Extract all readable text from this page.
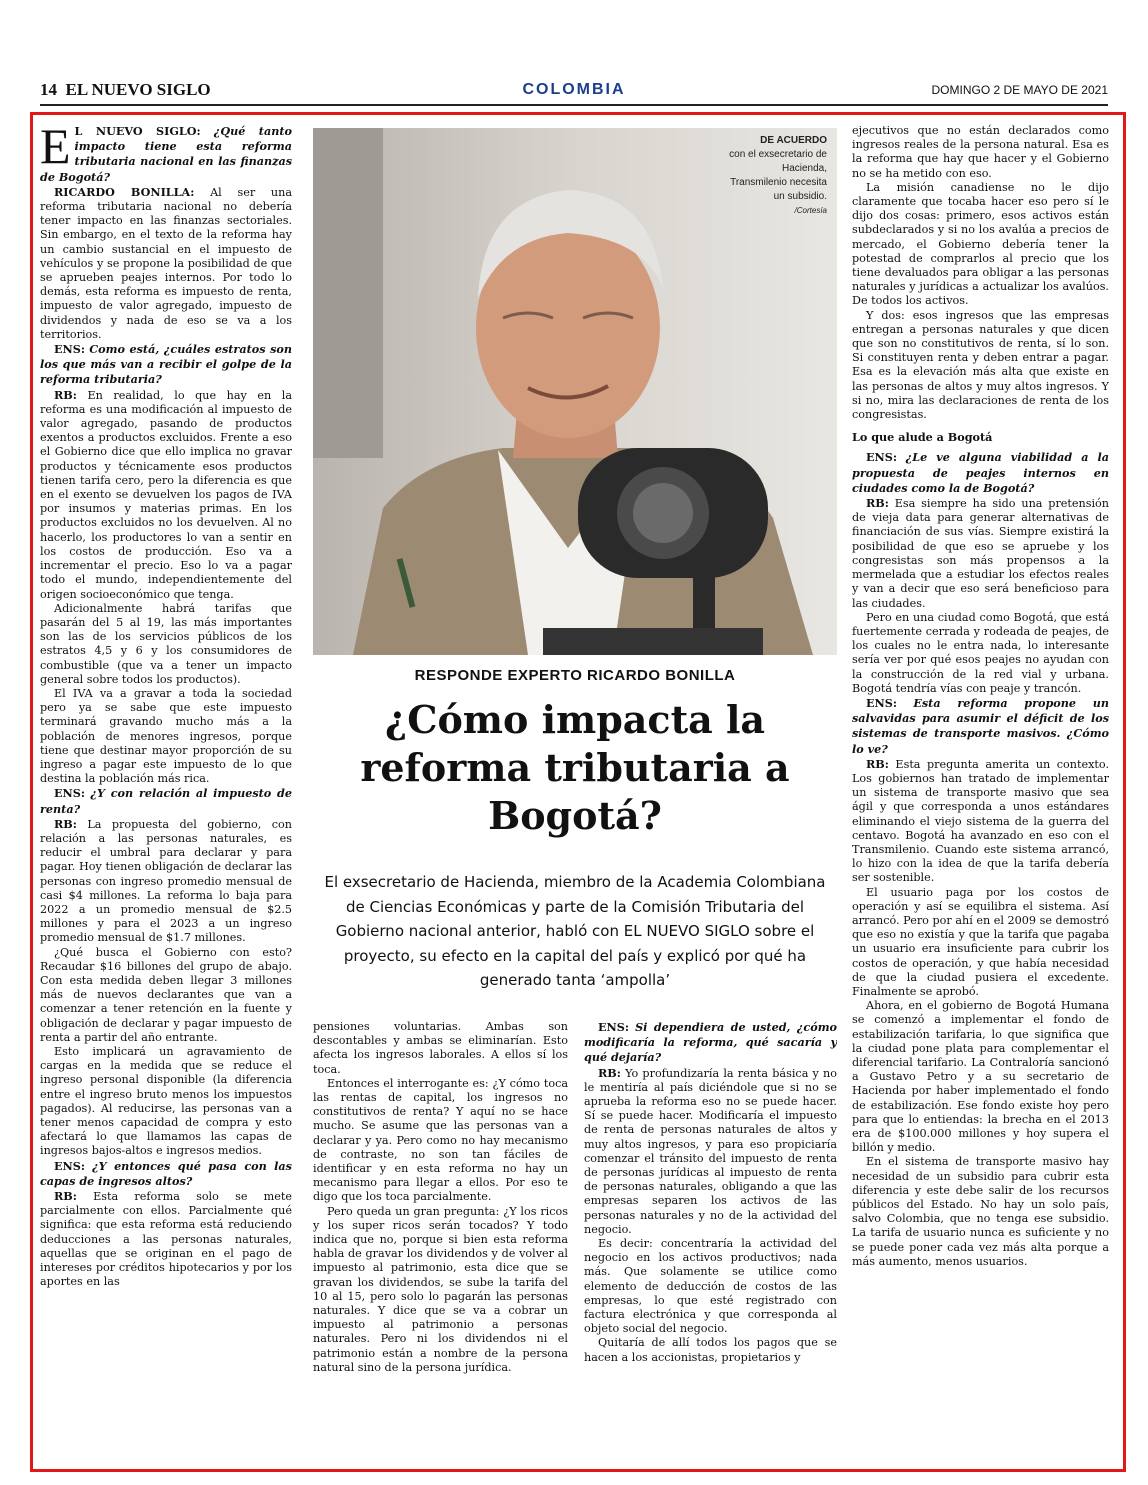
14 EL NUEVO SIGLO	COLOMBIA	DOMINGO 2 DE MAYO DE 2021

E L NUEVO SIGLO: ¿Qué tanto impacto tiene esta reforma tributaria nacional en las finanzas de Bogotá?

RICARDO BONILLA: Al ser una reforma tributaria nacional no debería tener impacto en las finanzas sectoriales. Sin embargo, en el texto de la reforma hay un cambio sustancial en el impuesto de vehículos y se propone la posibilidad de que se aprueben peajes internos. Por todo lo demás, esta reforma es impuesto de renta, impuesto de valor agregado, impuesto de dividendos y nada de eso se va a los territorios.

ENS: Como está, ¿cuáles estratos son los que más van a recibir el golpe de la reforma tributaria?

RB: En realidad, lo que hay en la reforma es una modificación al impuesto de valor agregado, pasando de productos exentos a productos excluidos. Frente a eso el Gobierno dice que ello implica no gravar productos y técnicamente esos productos tienen tarifa cero, pero la diferencia es que en el exento se devuelven los pagos de IVA por insumos y materias primas. En los productos excluidos no los devuelven. Al no hacerlo, los productores lo van a sentir en los costos de producción. Eso va a incrementar el precio. Eso lo va a pagar todo el mundo, independientemente del origen socioeconómico que tenga.

Adicionalmente habrá tarifas que pasarán del 5 al 19, las más importantes son las de los servicios públicos de los estratos 4,5 y 6 y los consumidores de combustible (que va a tener un impacto general sobre todos los productos).

El IVA va a gravar a toda la sociedad pero ya se sabe que este impuesto terminará gravando mucho más a la población de menores ingresos, porque tiene que destinar mayor proporción de su ingreso a pagar este impuesto de lo que destina la población más rica.

ENS: ¿Y con relación al impuesto de renta?

RB: La propuesta del gobierno, con relación a las personas naturales, es reducir el umbral para declarar y para pagar. Hoy tienen obligación de declarar las personas con ingreso promedio mensual de casi $4 millones. La reforma lo baja para 2022 a un promedio mensual de $2.5 millones y para el 2023 a un ingreso promedio mensual de $1.7 millones.

¿Qué busca el Gobierno con esto? Recaudar $16 billones del grupo de abajo. Con esta medida deben llegar 3 millones más de nuevos declarantes que van a comenzar a tener retención en la fuente y obligación de declarar y pagar impuesto de renta a partir del año entrante.

Esto implicará un agravamiento de cargas en la medida que se reduce el ingreso personal disponible (la diferencia entre el ingreso bruto menos los impuestos pagados). Al reducirse, las personas van a tener menos capacidad de compra y esto afectará lo que llamamos las capas de ingresos bajos-altos e ingresos medios.

ENS: ¿Y entonces qué pasa con las capas de ingresos altos?

RB: Esta reforma solo se mete parcialmente con ellos. Parcialmente qué significa: que esta reforma está reduciendo deducciones a las personas naturales, aquellas que se originan en el pago de intereses por créditos hipotecarios y por los aportes en las

DE ACUERDO
con el exsecretario de Hacienda, Transmilenio necesita un subsidio.
/Cortesía
RESPONDE EXPERTO RICARDO BONILLA
¿Cómo impacta la reforma tributaria a Bogotá?
El exsecretario de Hacienda, miembro de la Academia Colombiana de Ciencias Económicas y parte de la Comisión Tributaria del Gobierno nacional anterior, habló con EL NUEVO SIGLO sobre el proyecto, su efecto en la capital del país y explicó por qué ha generado tanta ‘ampolla’

pensiones voluntarias. Ambas son descontables y ambas se eliminarían. Esto afecta los ingresos laborales. A ellos sí los toca.

Entonces el interrogante es: ¿Y cómo toca las rentas de capital, los ingresos no constitutivos de renta? Y aquí no se hace mucho. Se asume que las personas van a declarar y ya. Pero como no hay mecanismo de contraste, no son tan fáciles de identificar y en esta reforma no hay un mecanismo para llegar a ellos. Por eso te digo que los toca parcialmente.

Pero queda un gran pregunta: ¿Y los ricos y los super ricos serán tocados? Y todo indica que no, porque si bien esta reforma habla de gravar los dividendos y de volver al impuesto al patrimonio, esta dice que se gravan los dividendos, se sube la tarifa del 10 al 15, pero solo lo pagarán las personas naturales. Y dice que se va a cobrar un impuesto al patrimonio a personas naturales. Pero ni los dividendos ni el patrimonio están a nombre de la persona natural sino de la persona jurídica.

ENS: Si dependiera de usted, ¿cómo modificaría la reforma, qué sacaría y qué dejaría?

RB: Yo profundizaría la renta básica y no le mentiría al país diciéndole que si no se aprueba la reforma eso no se puede hacer. Sí se puede hacer. Modificaría el impuesto de renta de personas naturales de altos y muy altos ingresos, y para eso propiciaría comenzar el tránsito del impuesto de renta de personas jurídicas al impuesto de renta de personas naturales, obligando a que las empresas separen los activos de las personas naturales y no de la actividad del negocio.

Es decir: concentraría la actividad del negocio en los activos productivos; nada más. Que solamente se utilice como elemento de deducción de costos de las empresas, lo que esté registrado con factura electrónica y que corresponda al objeto social del negocio.

Quitaría de allí todos los pagos que se hacen a los accionistas, propietarios y

ejecutivos que no están declarados como ingresos reales de la persona natural. Esa es la reforma que hay que hacer y el Gobierno no se ha metido con eso.

La misión canadiense no le dijo claramente que tocaba hacer eso pero sí le dijo dos cosas: primero, esos activos están subdeclarados y si no los avalúa a precios de mercado, el Gobierno debería tener la potestad de comprarlos al precio que los tiene devaluados para obligar a las personas naturales y jurídicas a actualizar los avalúos. De todos los activos.

Y dos: esos ingresos que las empresas entregan a personas naturales y que dicen que son no constitutivos de renta, sí lo son. Si constituyen renta y deben entrar a pagar. Esa es la elevación más alta que existe en las personas de altos y muy altos ingresos. Y si no, mira las declaraciones de renta de los congresistas.

Lo que alude a Bogotá

ENS: ¿Le ve alguna viabilidad a la propuesta de peajes internos en ciudades como la de Bogotá?

RB: Esa siempre ha sido una pretensión de vieja data para generar alternativas de financiación de sus vías. Siempre existirá la posibilidad de que eso se apruebe y los congresistas son más propensos a la mermelada que a estudiar los efectos reales y van a decir que eso será beneficioso para las ciudades.

Pero en una ciudad como Bogotá, que está fuertemente cerrada y rodeada de peajes, de los cuales no le entra nada, lo interesante sería ver por qué esos peajes no ayudan con la construcción de la red vial y urbana. Bogotá tendría vías con peaje y trancón.

ENS: Esta reforma propone un salvavidas para asumir el déficit de los sistemas de transporte masivos. ¿Cómo lo ve?

RB: Esta pregunta amerita un contexto. Los gobiernos han tratado de implementar un sistema de transporte masivo que sea ágil y que corresponda a unos estándares eliminando el viejo sistema de la guerra del centavo. Bogotá ha avanzado en eso con el Transmilenio. Cuando este sistema arrancó, lo hizo con la idea de que la tarifa debería ser sostenible.

El usuario paga por los costos de operación y así se equilibra el sistema. Así arrancó. Pero por ahí en el 2009 se demostró que eso no existía y que la tarifa que pagaba un usuario era insuficiente para cubrir los costos de operación, y que había necesidad de que la ciudad pusiera el excedente. Finalmente se aprobó.

Ahora, en el gobierno de Bogotá Humana se comenzó a implementar el fondo de estabilización tarifaria, lo que significa que la ciudad pone plata para complementar el diferencial tarifario. La Contraloría sancionó a Gustavo Petro y a su secretario de Hacienda por haber implementado el fondo de estabilización. Ese fondo existe hoy pero para que lo entiendas: la brecha en el 2013 era de $100.000 millones y hoy supera el billón y medio.

En el sistema de transporte masivo hay necesidad de un subsidio para cubrir esta diferencia y este debe salir de los recursos públicos del Estado. No hay un solo país, salvo Colombia, que no tenga ese subsidio. La tarifa de usuario nunca es suficiente y no se puede poner cada vez más alta porque a más aumento, menos usuarios.
